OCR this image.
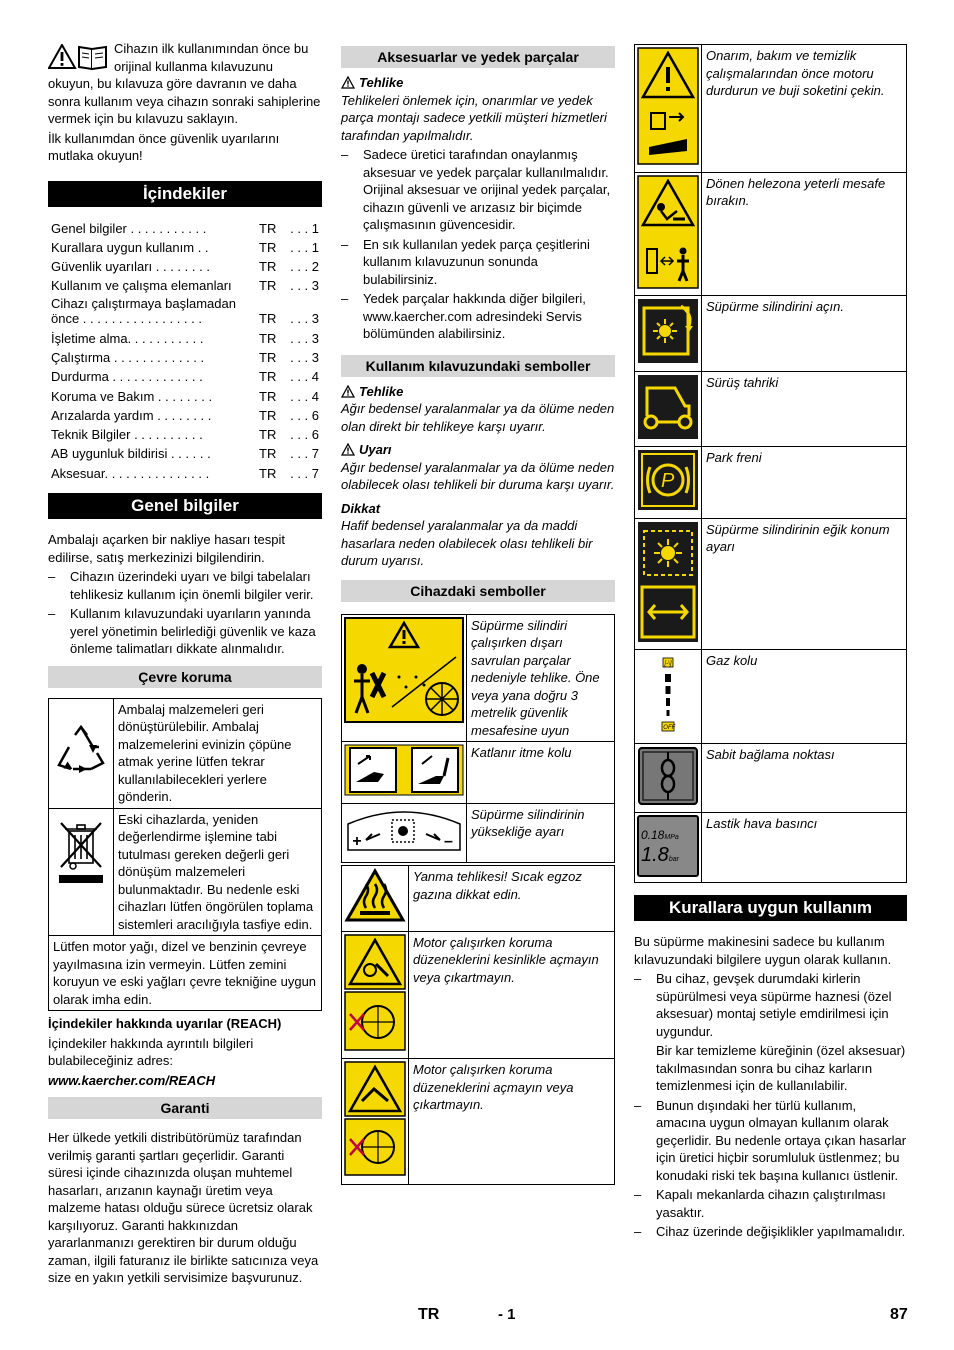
Cihazın ilk kullanımından önce bu orijinal kullanma kılavuzunu okuyun, bu kılavuza göre davranın ve daha sonra kullanım veya cihazın sonraki sahiplerine vermek için bu kılavuzu saklayın.

İlk kullanımdan önce güvenlik uyarılarını mutlaka okuyun!

İçindekiler
Genel bilgiler . . . . . . . . . . .	TR	. . . 1
Kurallara uygun kullanım . .	TR	. . . 1
Güvenlik uyarıları . . . . . . . .	TR	. . . 2
Kullanım ve çalışma elemanları	TR	. . . 3
Cihazı çalıştırmaya başlamadan
önce . . . . . . . . . . . . . . . . .	TR	. . . 3
İşletime alma. . . . . . . . . . .	TR	. . . 3
Çalıştırma . . . . . . . . . . . . .	TR	. . . 3
Durdurma . . . . . . . . . . . . .	TR	. . . 4
Koruma ve Bakım . . . . . . . .	TR	. . . 4
Arızalarda yardım . . . . . . . .	TR	. . . 6
Teknik Bilgiler . . . . . . . . . .	TR	. . . 6
AB uygunluk bildirisi . . . . . .	TR	. . . 7
Aksesuar. . . . . . . . . . . . . . .	TR	. . . 7
Genel bilgiler

Ambalajı açarken bir nakliye hasarı tespit edilirse, satış merkezinizi bilgilendirin.

–	Cihazın üzerindeki uyarı ve bilgi tabelaları tehlikesiz kullanım için önemli bilgiler verir.
–	Kullanım kılavuzundaki uyarıların yanında yerel yönetimin belirlediği güvenlik ve kaza önleme talimatları dikkate alınmalıdır.
Çevre koruma
	Ambalaj malzemeleri geri dönüştürülebilir. Ambalaj malzemelerini evinizin çöpüne atmak yerine lütfen tekrar kullanılabilecekleri yerlere gönderin.
	Eski cihazlarda, yeniden değerlendirme işlemine tabi tutulması gereken değerli geri dönüşüm malzemeleri bulunmaktadır. Bu nedenle eski cihazları lütfen öngörülen toplama sistemleri aracılığıyla tasfiye edin.
Lütfen motor yağı, dizel ve benzinin çevreye yayılmasına izin vermeyin. Lütfen zemini koruyun ve eski yağları çevre tekniğine uygun olarak imha edin.	

İçindekiler hakkında uyarılar (REACH)

İçindekiler hakkında ayrıntılı bilgileri bulabileceğiniz adres:

www.kaercher.com/REACH

Garanti

Her ülkede yetkili distribütörümüz tarafından verilmiş garanti şartları geçerlidir. Garanti süresi içinde cihazınızda oluşan muhtemel hasarları, arızanın kaynağı üretim veya malzeme hatası olduğu sürece ücretsiz olarak karşılıyoruz. Garanti hakkınızdan yararlanmanızı gerektiren bir durum olduğu zaman, ilgili faturanız ile birlikte satıcınıza veya size en yakın yetkili servisimize başvurunuz.

Aksesuarlar ve yedek parçalar
Tehlike

Tehlikeleri önlemek için, onarımlar ve yedek parça montajı sadece yetkili müşteri hizmetleri tarafından yapılmalıdır.

–	Sadece üretici tarafından onaylanmış aksesuar ve yedek parçalar kullanılmalıdır. Orijinal aksesuar ve orijinal yedek parçalar, cihazın güvenli ve arızasız bir biçimde çalışmasının güvencesidir.
–	En sık kullanılan yedek parça çeşitlerini kullanım kılavuzunun sonunda bulabilirsiniz.
–	Yedek parçalar hakkında diğer bilgileri, www.kaercher.com adresindeki Servis bölümünden alabilirsiniz.
Kullanım kılavuzundaki semboller
Tehlike

Ağır bedensel yaralanmalar ya da ölüme neden olan direkt bir tehlikeye karşı uyarır.

Uyarı

Ağır bedensel yaralanmalar ya da ölüme neden olabilecek olası tehlikeli bir duruma karşı uyarır.

Dikkat

Hafif bedensel yaralanmalar ya da maddi hasarlara neden olabilecek olası tehlikeli bir durum uyarısı.

Cihazdaki semboller
	Süpürme silindiri çalışırken dışarı savrulan parçalar nedeniyle tehlike. Öne veya yana doğru 3 metrelik güvenlik mesafesine uyun
	Katlanır itme kolu

+ –	Süpürme silindirinin yüksekliğe ayarı
	Yanma tehlikesi! Sıcak egzoz gazına dikkat edin.
	Motor çalışırken koruma düzeneklerini kesinlikle açmayın veya çıkartmayın.
	Motor çalışırken koruma düzeneklerini açmayın veya çıkartmayın.
	Onarım, bakım ve temizlik çalışmalarından önce motoru durdurun ve buji soketini çekin.
	Dönen helezona yeterli mesafe bırakın.
	Süpürme silindirini açın.
	Sürüş tahriki

P	Park freni
	Süpürme silindirinin eğik konum ayarı

[-\]
OFF	Gaz kolu
	Sabit bağlama noktası

0.18MPa
1.8bar	Lastik hava basıncı
Kurallara uygun kullanım

Bu süpürme makinesini sadece bu kullanım kılavuzundaki bilgilere uygun olarak kullanın.

–	Bu cihaz, gevşek durumdaki kirlerin süpürülmesi veya süpürme haznesi (özel aksesuar) montaj setiyle emdirilmesi için uygundur.
Bir kar temizleme küreğinin (özel aksesuar) takılmasından sonra bu cihaz karların temizlenmesi için de kullanılabilir.
–	Bunun dışındaki her türlü kullanım, amacına uygun olmayan kullanım olarak geçerlidir. Bu nedenle ortaya çıkan hasarlar için üretici hiçbir sorumluluk üstlenmez; bu konudaki riski tek başına kullanıcı üstlenir.
–	Kapalı mekanlarda cihazın çalıştırılması yasaktır.
–	Cihaz üzerinde değişiklikler yapılmamalıdır.
TR	- 1	87
